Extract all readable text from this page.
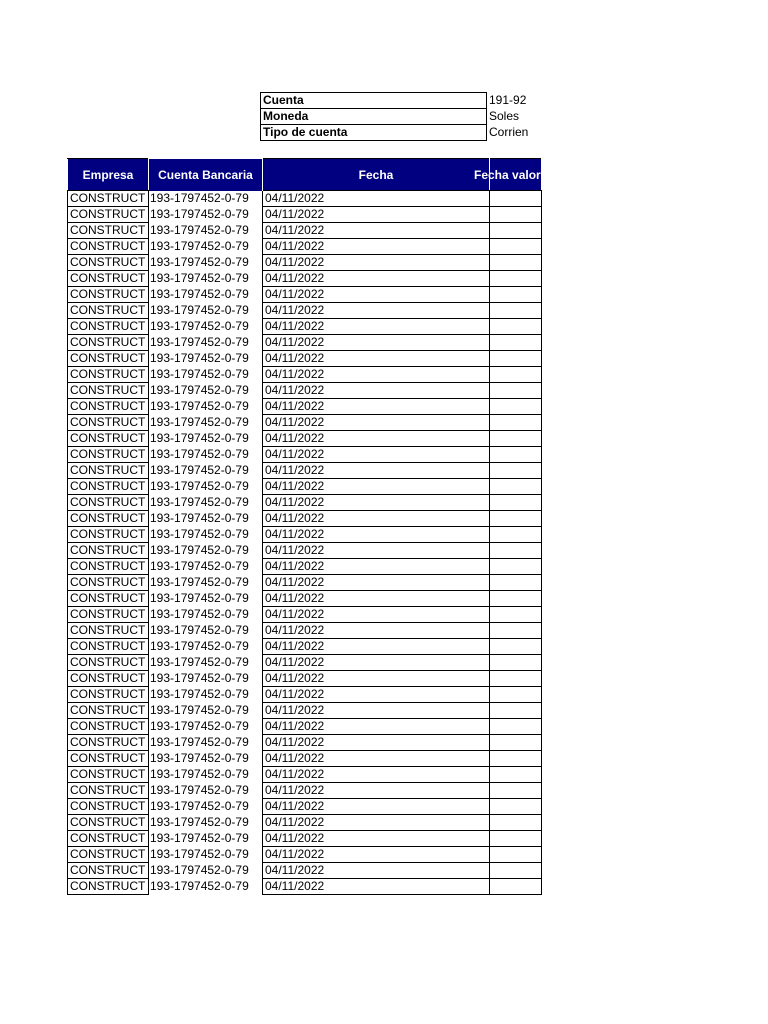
Cuenta	191-92
Moneda	Soles
Tipo de cuenta	Corrien
Empresa	Cuenta Bancaria	Fecha	Fecha valor
CONSTRUCT	193-1797452-0-79	04/11/2022	
CONSTRUCT	193-1797452-0-79	04/11/2022	
CONSTRUCT	193-1797452-0-79	04/11/2022	
CONSTRUCT	193-1797452-0-79	04/11/2022	
CONSTRUCT	193-1797452-0-79	04/11/2022	
CONSTRUCT	193-1797452-0-79	04/11/2022	
CONSTRUCT	193-1797452-0-79	04/11/2022	
CONSTRUCT	193-1797452-0-79	04/11/2022	
CONSTRUCT	193-1797452-0-79	04/11/2022	
CONSTRUCT	193-1797452-0-79	04/11/2022	
CONSTRUCT	193-1797452-0-79	04/11/2022	
CONSTRUCT	193-1797452-0-79	04/11/2022	
CONSTRUCT	193-1797452-0-79	04/11/2022	
CONSTRUCT	193-1797452-0-79	04/11/2022	
CONSTRUCT	193-1797452-0-79	04/11/2022	
CONSTRUCT	193-1797452-0-79	04/11/2022	
CONSTRUCT	193-1797452-0-79	04/11/2022	
CONSTRUCT	193-1797452-0-79	04/11/2022	
CONSTRUCT	193-1797452-0-79	04/11/2022	
CONSTRUCT	193-1797452-0-79	04/11/2022	
CONSTRUCT	193-1797452-0-79	04/11/2022	
CONSTRUCT	193-1797452-0-79	04/11/2022	
CONSTRUCT	193-1797452-0-79	04/11/2022	
CONSTRUCT	193-1797452-0-79	04/11/2022	
CONSTRUCT	193-1797452-0-79	04/11/2022	
CONSTRUCT	193-1797452-0-79	04/11/2022	
CONSTRUCT	193-1797452-0-79	04/11/2022	
CONSTRUCT	193-1797452-0-79	04/11/2022	
CONSTRUCT	193-1797452-0-79	04/11/2022	
CONSTRUCT	193-1797452-0-79	04/11/2022	
CONSTRUCT	193-1797452-0-79	04/11/2022	
CONSTRUCT	193-1797452-0-79	04/11/2022	
CONSTRUCT	193-1797452-0-79	04/11/2022	
CONSTRUCT	193-1797452-0-79	04/11/2022	
CONSTRUCT	193-1797452-0-79	04/11/2022	
CONSTRUCT	193-1797452-0-79	04/11/2022	
CONSTRUCT	193-1797452-0-79	04/11/2022	
CONSTRUCT	193-1797452-0-79	04/11/2022	
CONSTRUCT	193-1797452-0-79	04/11/2022	
CONSTRUCT	193-1797452-0-79	04/11/2022	
CONSTRUCT	193-1797452-0-79	04/11/2022	
CONSTRUCT	193-1797452-0-79	04/11/2022	
CONSTRUCT	193-1797452-0-79	04/11/2022	
CONSTRUCT	193-1797452-0-79	04/11/2022	
